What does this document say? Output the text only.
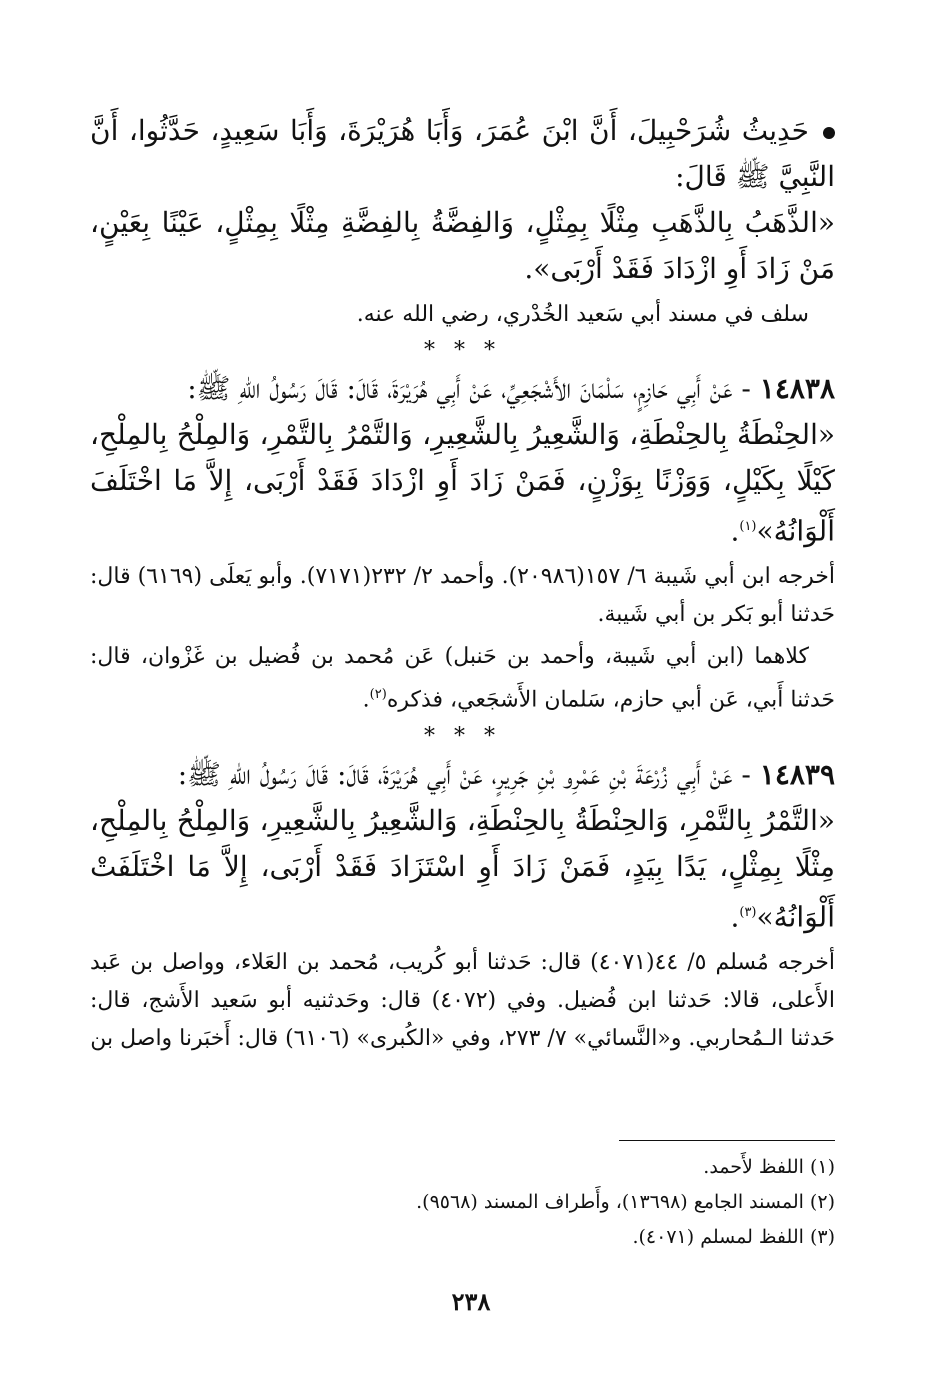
حَدِيثُ شُرَحْبِيلَ، أَنَّ ابْنَ عُمَرَ، وَأَبَا هُرَيْرَةَ، وَأَبَا سَعِيدٍ، حَدَّثُوا، أَنَّ النَّبِيَّ ﷺ قَالَ:

«الذَّهَبُ بِالذَّهَبِ مِثْلًا بِمِثْلٍ، وَالفِضَّةُ بِالفِضَّةِ مِثْلًا بِمِثْلٍ، عَيْنًا بِعَيْنٍ، مَنْ زَادَ أَوِ ازْدَادَ فَقَدْ أَرْبَى».

سلف في مسند أبي سَعيد الخُدْري، رضي الله عنه.

* * *

١٤٨٣٨ - عَنْ أَبِي حَازِمٍ، سَلْمَانَ الأَشْجَعِيِّ، عَنْ أَبِي هُرَيْرَةَ، قَالَ: قَالَ رَسُولُ اللهِ ﷺ:

«الحِنْطَةُ بِالحِنْطَةِ، وَالشَّعِيرُ بِالشَّعِيرِ، وَالتَّمْرُ بِالتَّمْرِ، وَالمِلْحُ بِالمِلْحِ، كَيْلًا بِكَيْلٍ، وَوَزْنًا بِوَزْنٍ، فَمَنْ زَادَ أَوِ ازْدَادَ فَقَدْ أَرْبَى، إِلاَّ مَا اخْتَلَفَ أَلْوَانُهُ»$^{(١)}$.

أخرجه ابن أبي شَيبة ٦/ ١٥٧(٢٠٩٨٦). وأحمد ٢/ ٢٣٢(٧١٧١). وأبو يَعلَى (٦١٦٩) قال: حَدثنا أبو بَكر بن أبي شَيبة.

كلاهما (ابن أبي شَيبة، وأحمد بن حَنبل) عَن مُحمد بن فُضيل بن غَزْوان، قال: حَدثنا أَبي، عَن أبي حازم، سَلمان الأَشجَعي، فذكره$^{(٢)}$.

* * *

١٤٨٣٩ - عَنْ أَبِي زُرْعَةَ بْنِ عَمْرِو بْنِ جَرِيرٍ، عَنْ أَبِي هُرَيْرَةَ، قَالَ: قَالَ رَسُولُ اللهِ ﷺ:

«التَّمْرُ بِالتَّمْرِ، وَالحِنْطَةُ بِالحِنْطَةِ، وَالشَّعِيرُ بِالشَّعِيرِ، وَالمِلْحُ بِالمِلْحِ، مِثْلًا بِمِثْلٍ، يَدًا بِيَدٍ، فَمَنْ زَادَ أَوِ اسْتَزَادَ فَقَدْ أَرْبَى، إِلاَّ مَا اخْتَلَفَتْ أَلْوَانُهُ»$^{(٣)}$.

أخرجه مُسلم ٥/ ٤٤(٤٠٧١) قال: حَدثنا أبو كُريب، مُحمد بن العَلاء، وواصل بن عَبد الأَعلى، قالا: حَدثنا ابن فُضيل. وفي (٤٠٧٢) قال: وحَدثنيه أبو سَعيد الأَشج، قال: حَدثنا الـمُحاربي. و«النَّسائي» ٧/ ٢٧٣، وفي «الكُبرى» (٦١٠٦) قال: أَخبَرنا واصل بن

(١) اللفظ لأَحمد.
(٢) المسند الجامع (١٣٦٩٨)، وأَطراف المسند (٩٥٦٨).
(٣) اللفظ لمسلم (٤٠٧١).
٢٣٨
